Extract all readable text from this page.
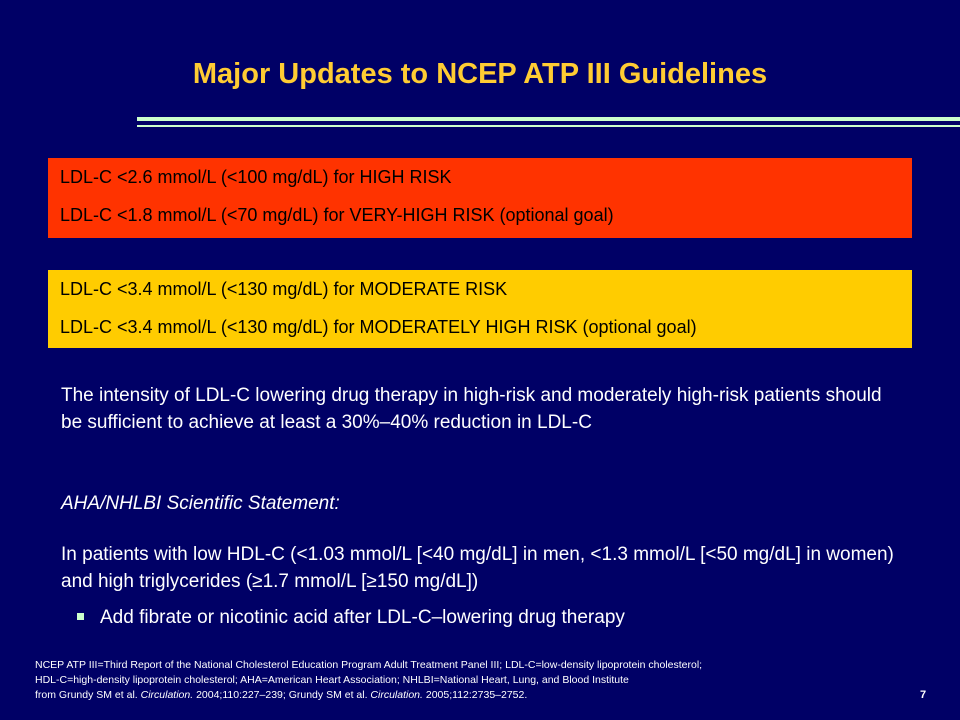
Major Updates to NCEP ATP III Guidelines
LDL-C <2.6 mmol/L (<100 mg/dL) for HIGH RISK
LDL-C <1.8 mmol/L (<70 mg/dL) for VERY-HIGH RISK (optional goal)
LDL-C <3.4 mmol/L (<130 mg/dL) for MODERATE RISK
LDL-C <3.4 mmol/L (<130 mg/dL) for MODERATELY HIGH RISK (optional goal)
The intensity of LDL-C lowering drug therapy in high-risk and moderately high-risk patients should be sufficient to achieve at least a 30%–40% reduction in LDL-C
AHA/NHLBI Scientific Statement:
In patients with low HDL-C (<1.03 mmol/L [<40 mg/dL] in men, <1.3 mmol/L [<50 mg/dL] in women) and high triglycerides (≥1.7 mmol/L [≥150 mg/dL])
Add fibrate or nicotinic acid after LDL-C–lowering drug therapy
NCEP ATP III=Third Report of the National Cholesterol Education Program Adult Treatment Panel III; LDL-C=low-density lipoprotein cholesterol;
HDL-C=high-density lipoprotein cholesterol; AHA=American Heart Association; NHLBI=National Heart, Lung, and Blood Institute
from Grundy SM et al. Circulation. 2004;110:227–239; Grundy SM et al. Circulation. 2005;112:2735–2752.	7
